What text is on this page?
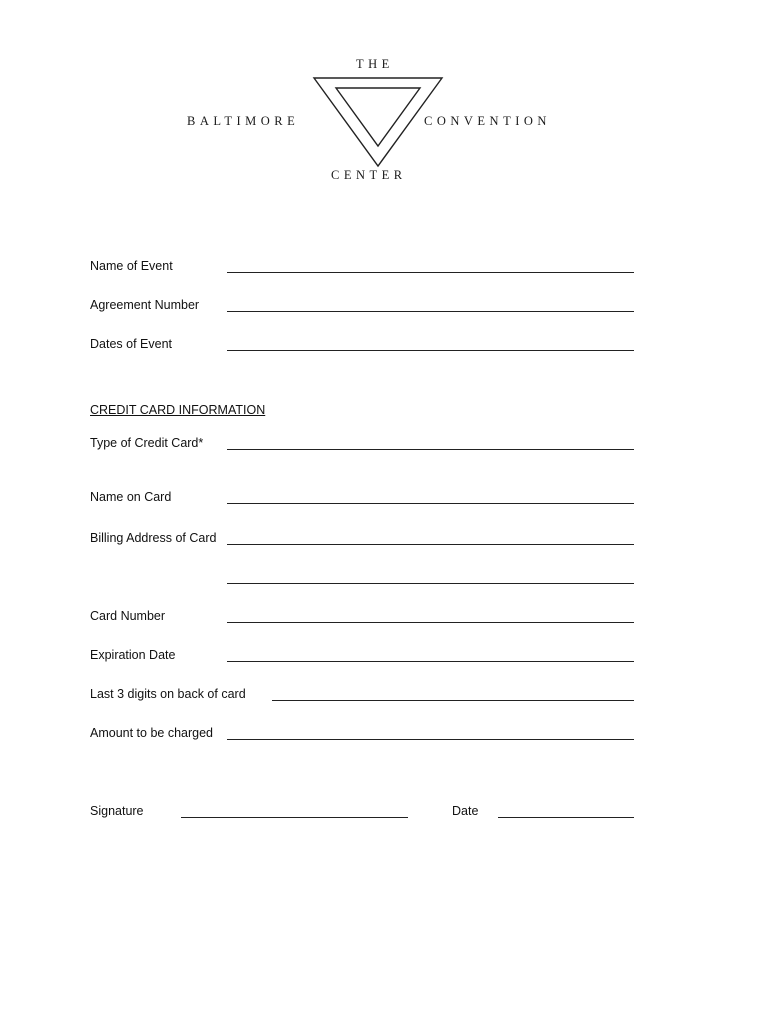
THE
BALTIMORE	CONVENTION
CENTER
Name of Event
Agreement Number
Dates of Event
CREDIT CARD INFORMATION
Type of Credit Card*
Name on Card
Billing Address of Card
Card Number
Expiration Date
Last 3 digits on back of card
Amount to be charged
Signature	Date
